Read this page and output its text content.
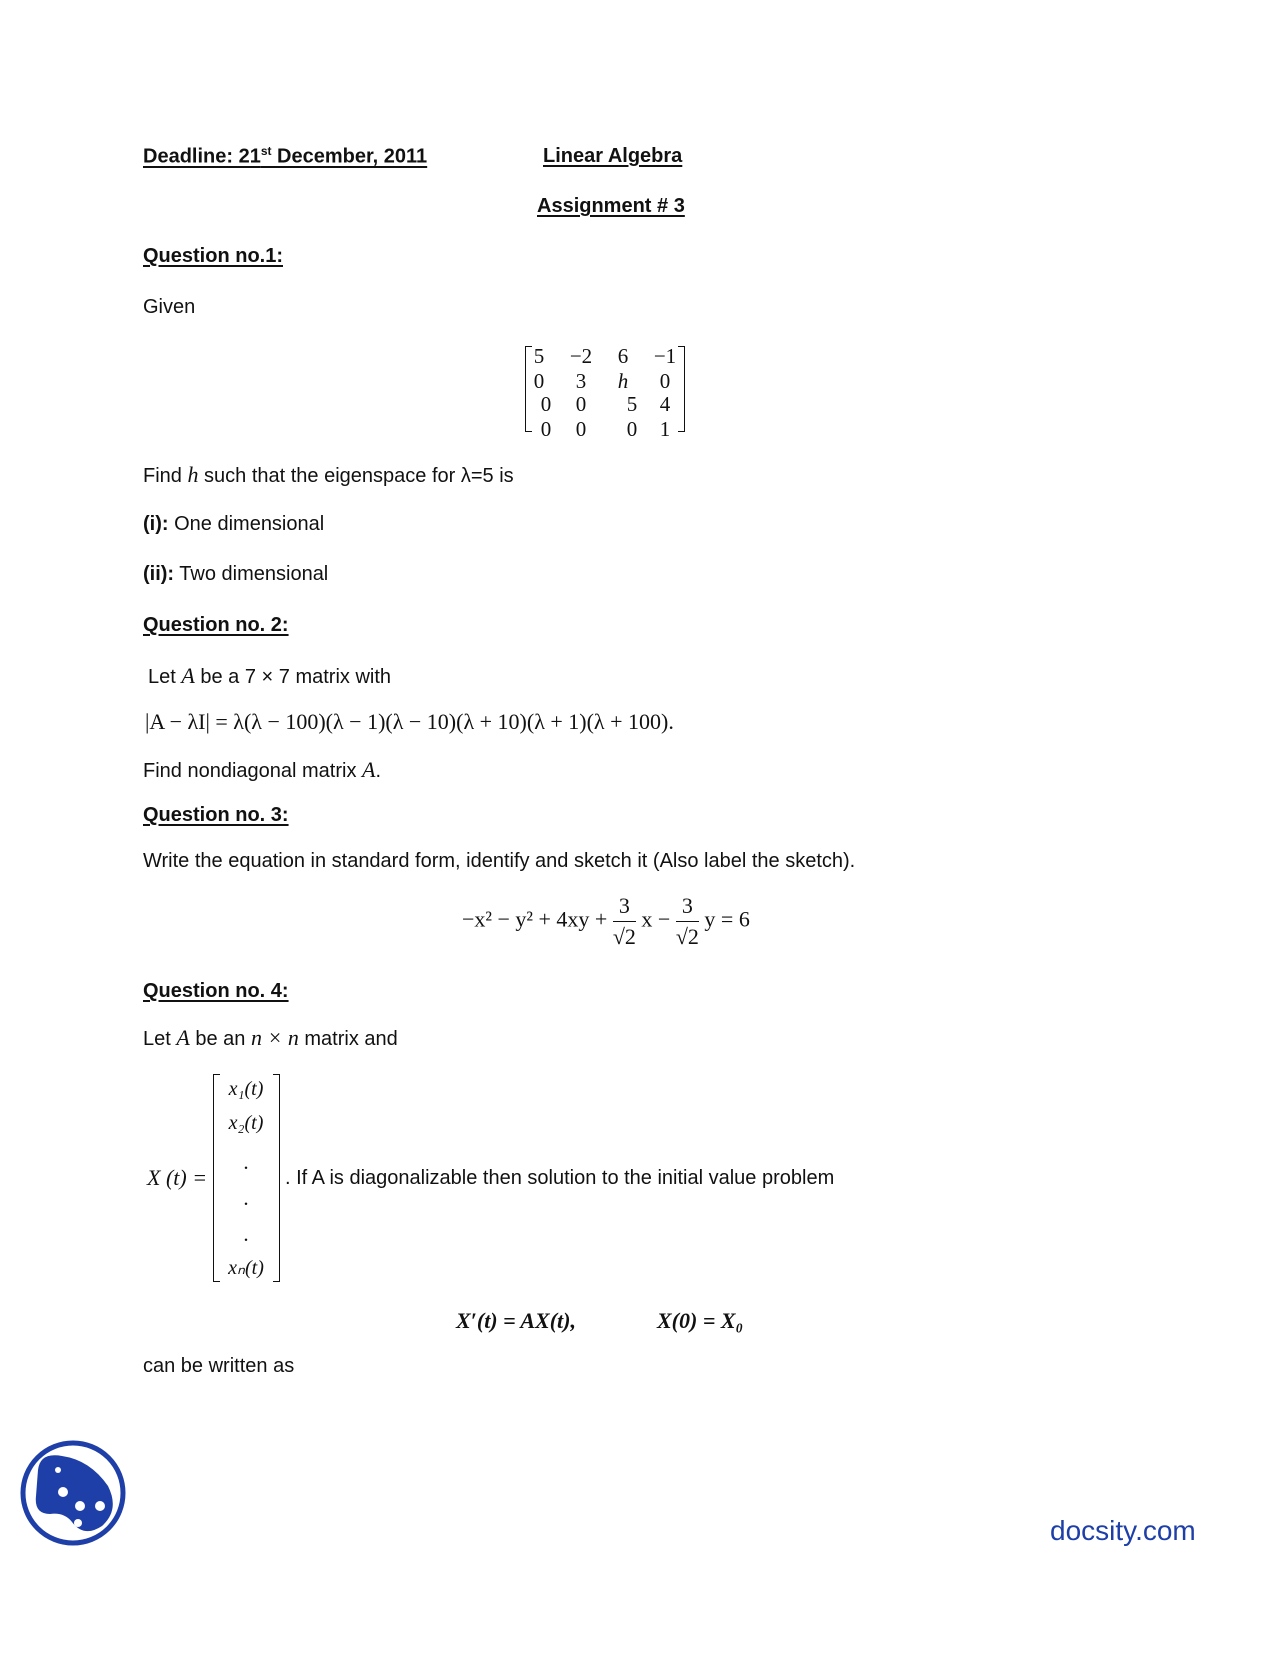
Deadline: 21st December, 2011	Linear Algebra
Assignment # 3
Question no.1:
Given
5	−2	6	−1
0	3	h	0
0	0	5	4
0	0	0	1
Find h such that the eigenspace for λ=5 is
(i): One dimensional
(ii): Two dimensional
Question no. 2:
Let A be a 7 × 7 matrix with
|A − λI| = λ(λ − 100)(λ − 1)(λ − 10)(λ + 10)(λ + 1)(λ + 100).
Find nondiagonal matrix A.
Question no. 3:
Write the equation in standard form, identify and sketch it (Also label the sketch).
$-x^2 - y^2 + 4xy + \frac{3}{√2}$ $x - \frac{3}{√2}$ y = 6
Question no. 4:
Let A be an n × n matrix and
X (t) =
x₁(t)
x₂(t)
.
.
.
xₙ(t)
. If A is diagonalizable then solution to the initial value problem
X′(t) = AX(t),	X(0) = X₀
can be written as
docsity.com
